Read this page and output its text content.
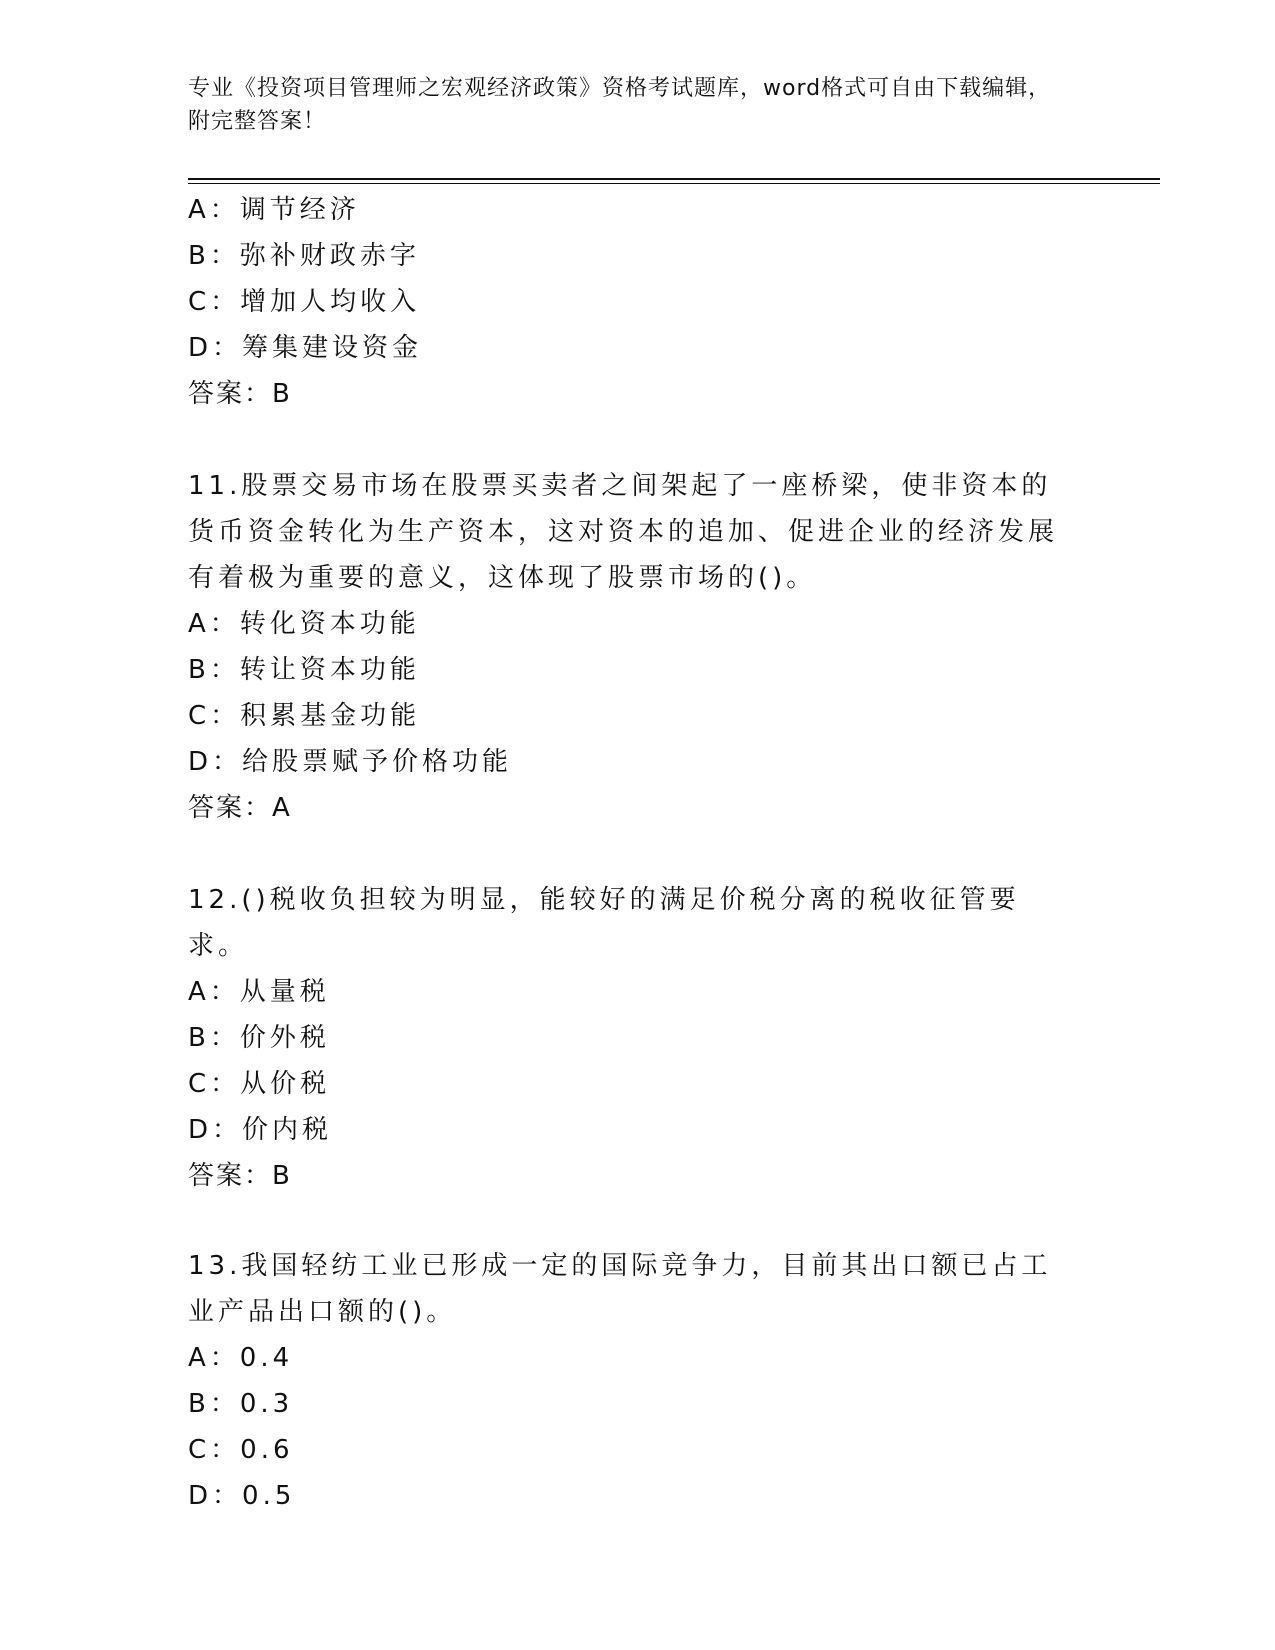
专业《投资项目管理师之宏观经济政策》资格考试题库，word格式可自由下载编辑，附完整答案！
A：调节经济
B：弥补财政赤字
C：增加人均收入
D：筹集建设资金
答案：B
11.股票交易市场在股票买卖者之间架起了一座桥梁，使非资本的货币资金转化为生产资本，这对资本的追加、促进企业的经济发展有着极为重要的意义，这体现了股票市场的()。
A：转化资本功能
B：转让资本功能
C：积累基金功能
D：给股票赋予价格功能
答案：A
12.()税收负担较为明显，能较好的满足价税分离的税收征管要求。
A：从量税
B：价外税
C：从价税
D：价内税
答案：B
13.我国轻纺工业已形成一定的国际竞争力，目前其出口额已占工业产品出口额的()。
A：0.4
B：0.3
C：0.6
D：0.5
